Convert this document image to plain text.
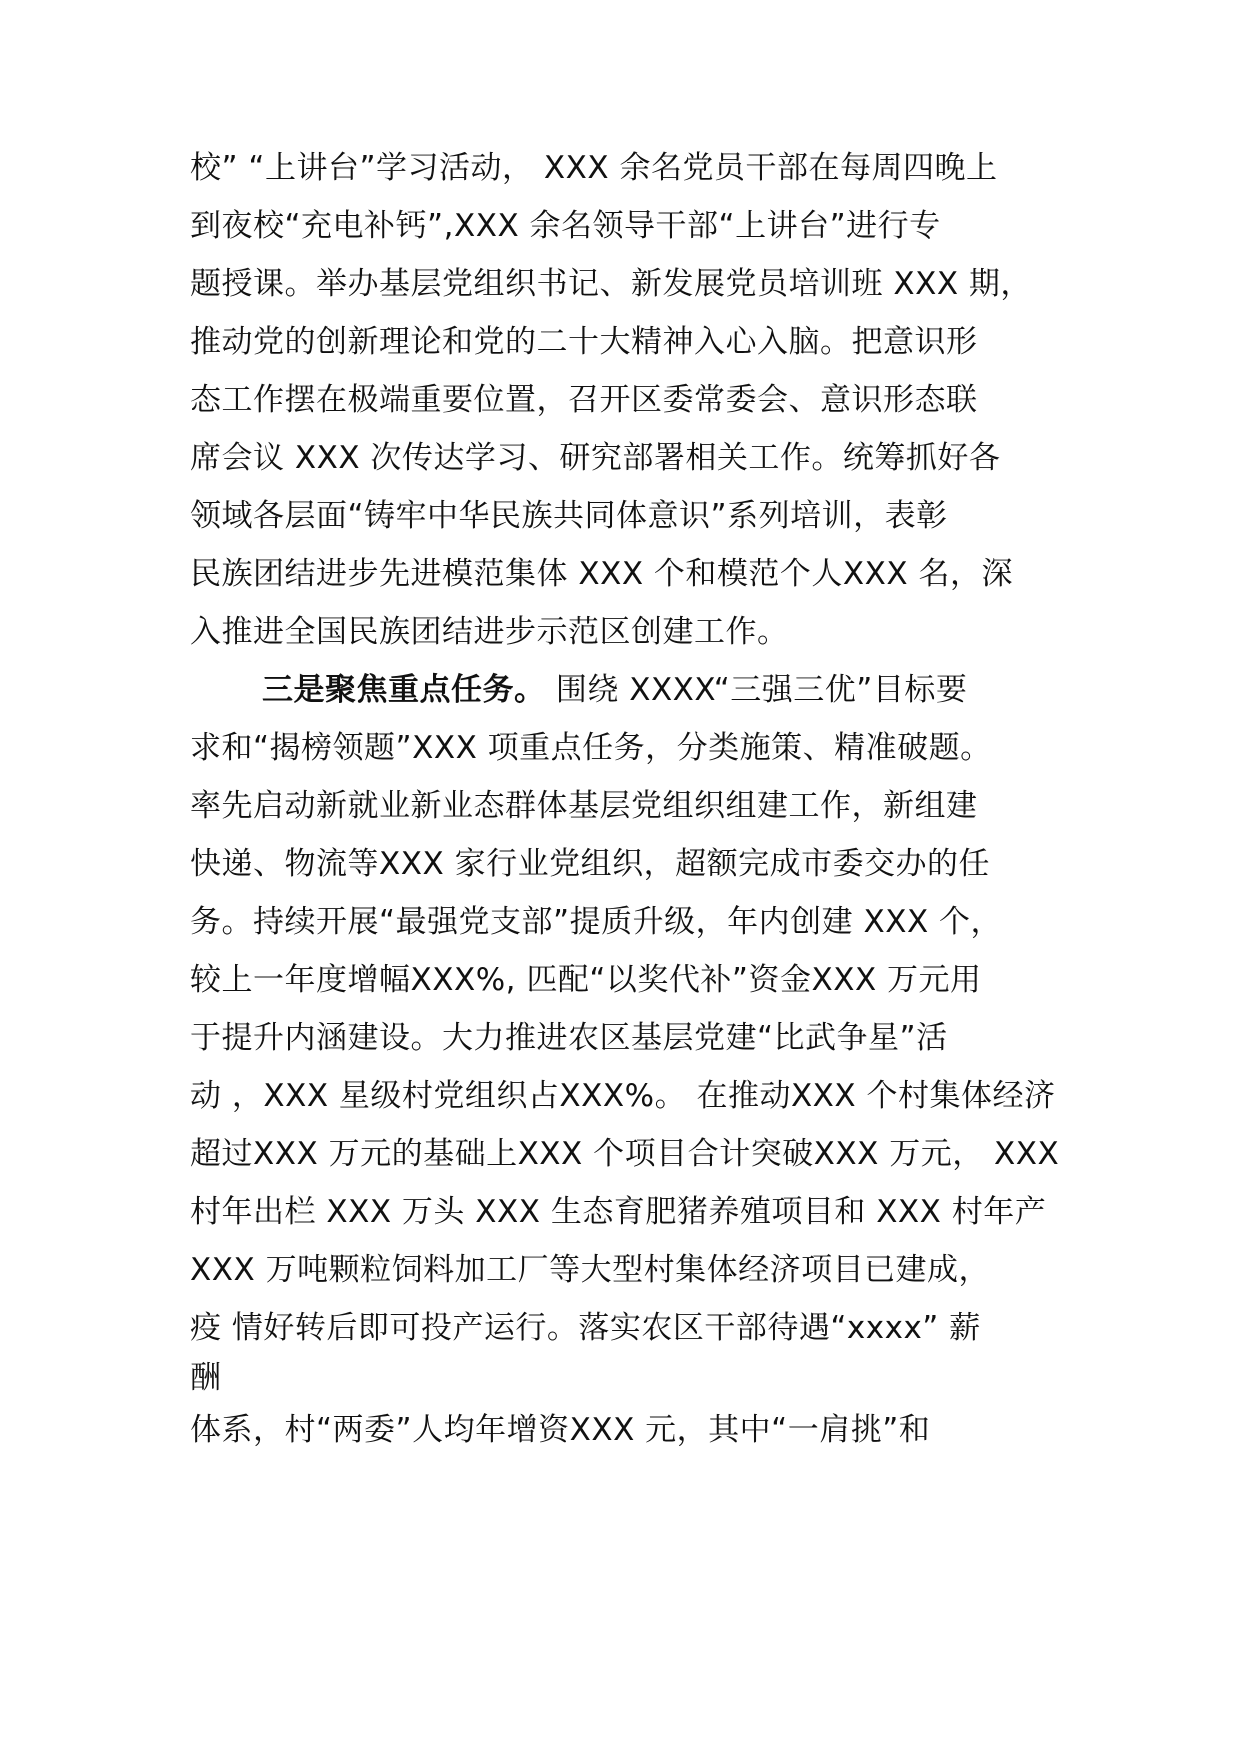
校” “上讲台”学习活动， XXX 余名党员干部在每周四晚上
到夜校“充电补钙”,XXX 余名领导干部“上讲台”进行专
题授课。举办基层党组织书记、新发展党员培训班 XXX 期，
推动党的创新理论和党的二十大精神入心入脑。把意识形
态工作摆在极端重要位置，召开区委常委会、意识形态联
席会议 XXX 次传达学习、研究部署相关工作。统筹抓好各
领域各层面“铸牢中华民族共同体意识”系列培训，表彰
民族团结进步先进模范集体 XXX 个和模范个人XXX 名，深
入推进全国民族团结进步示范区创建工作。
三是聚焦重点任务。 围绕 XXXX“三强三优”目标要
求和“揭榜领题”XXX 项重点任务，分类施策、精准破题。
率先启动新就业新业态群体基层党组织组建工作，新组建
快递、物流等XXX 家行业党组织，超额完成市委交办的任
务。持续开展“最强党支部”提质升级，年内创建 XXX 个，
较上一年度增幅XXX%, 匹配“以奖代补”资金XXX 万元用
于提升内涵建设。大力推进农区基层党建“比武争星”活
动 ，XXX 星级村党组织占XXX%。 在推动XXX 个村集体经济
超过XXX 万元的基础上XXX 个项目合计突破XXX 万元， XXX
村年出栏 XXX 万头 XXX 生态育肥猪养殖项目和 XXX 村年产
XXX 万吨颗粒饲料加工厂等大型村集体经济项目已建成，
疫 情好转后即可投产运行。落实农区干部待遇“xxxx” 薪
酬
体系，村“两委”人均年增资XXX 元，其中“一肩挑”和
